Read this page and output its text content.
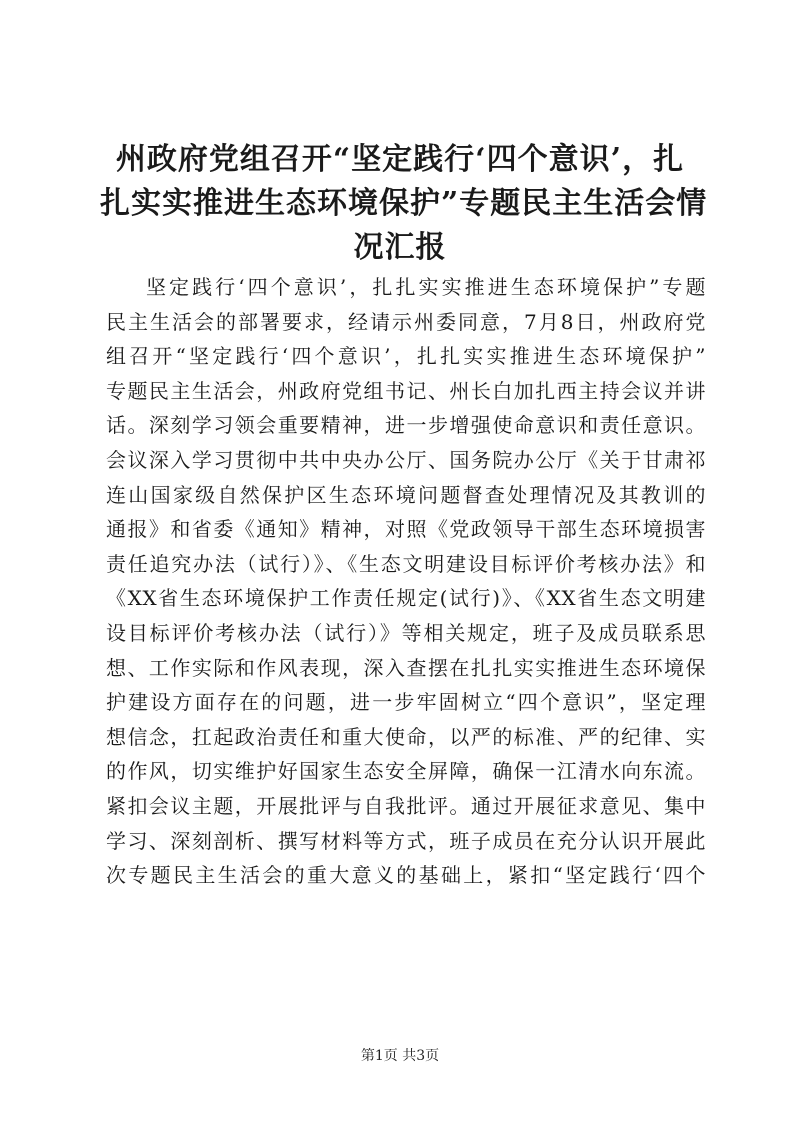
州政府党组召开“坚定践行‘四个意识’，扎
扎实实推进生态环境保护”专题民主生活会情
况汇报
坚定践行‘四个意识’，扎扎实实推进生态环境保护”专题
民主生活会的部署要求，经请示州委同意，7月8日，州政府党
组召开“坚定践行‘四个意识’，扎扎实实推进生态环境保护”
专题民主生活会，州政府党组书记、州长白加扎西主持会议并讲
话。深刻学习领会重要精神，进一步增强使命意识和责任意识。
会议深入学习贯彻中共中央办公厅、国务院办公厅《关于甘肃祁
连山国家级自然保护区生态环境问题督查处理情况及其教训的
通报》和省委《通知》精神，对照《党政领导干部生态环境损害
责任追究办法（试行）》、《生态文明建设目标评价考核办法》和
《XX省生态环境保护工作责任规定(试行)》、《XX省生态文明建
设目标评价考核办法（试行）》等相关规定，班子及成员联系思
想、工作实际和作风表现，深入查摆在扎扎实实推进生态环境保
护建设方面存在的问题，进一步牢固树立“四个意识”，坚定理
想信念，扛起政治责任和重大使命，以严的标准、严的纪律、实
的作风，切实维护好国家生态安全屏障，确保一江清水向东流。
紧扣会议主题，开展批评与自我批评。通过开展征求意见、集中
学习、深刻剖析、撰写材料等方式，班子成员在充分认识开展此
次专题民主生活会的重大意义的基础上，紧扣“坚定践行‘四个
第1页 共3页
